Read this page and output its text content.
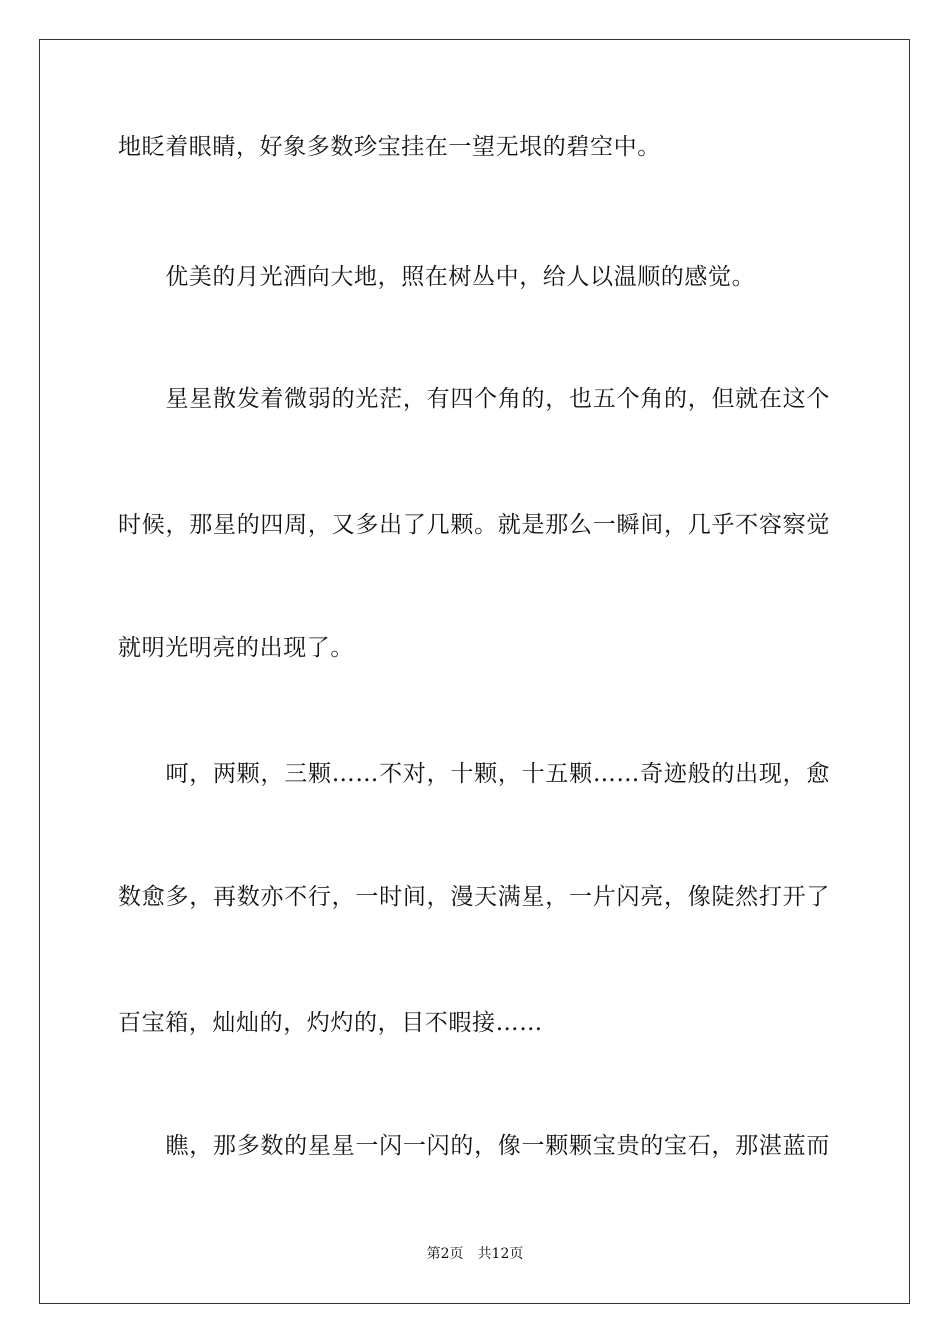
地眨着眼睛，好象多数珍宝挂在一望无垠的碧空中。
　　优美的月光洒向大地，照在树丛中，给人以温顺的感觉。
　　星星散发着微弱的光茫，有四个角的，也五个角的，但就在这个
时候，那星的四周，又多出了几颗。就是那么一瞬间，几乎不容察觉
就明光明亮的出现了。
　　呵，两颗，三颗……不对，十颗，十五颗……奇迹般的出现，愈
数愈多，再数亦不行，一时间，漫天满星，一片闪亮，像陡然打开了
百宝箱，灿灿的，灼灼的，目不暇接……
　　瞧，那多数的星星一闪一闪的，像一颗颗宝贵的宝石，那湛蓝而
第2页 共12页
